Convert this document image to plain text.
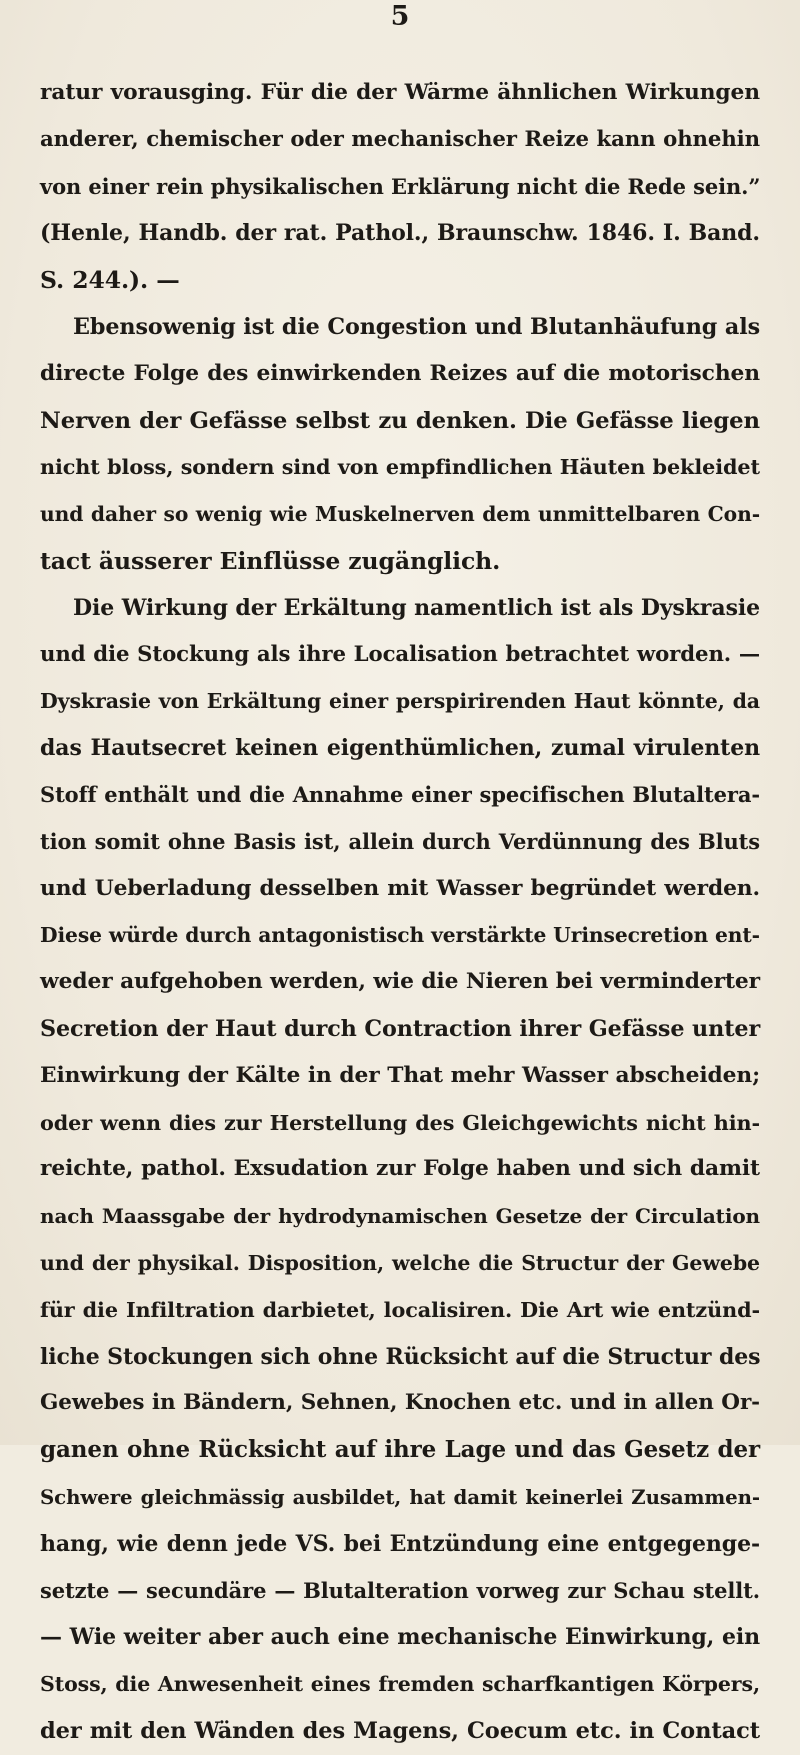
5
ratur vorausging. Für die der Wärme ähnlichen Wirkungen
anderer, chemischer oder mechanischer Reize kann ohnehin
von einer rein physikalischen Erklärung nicht die Rede sein.”
(Henle, Handb. der rat. Pathol., Braunschw. 1846. I. Band.
S. 244.). —
Ebensowenig ist die Congestion und Blutanhäufung als
directe Folge des einwirkenden Reizes auf die motorischen
Nerven der Gefässe selbst zu denken. Die Gefässe liegen
nicht bloss, sondern sind von empfindlichen Häuten bekleidet
und daher so wenig wie Muskelnerven dem unmittelbaren Con-
tact äusserer Einflüsse zugänglich.
Die Wirkung der Erkältung namentlich ist als Dyskrasie
und die Stockung als ihre Localisation betrachtet worden. —
Dyskrasie von Erkältung einer perspirirenden Haut könnte, da
das Hautsecret keinen eigenthümlichen, zumal virulenten
Stoff enthält und die Annahme einer specifischen Blutaltera-
tion somit ohne Basis ist, allein durch Verdünnung des Bluts
und Ueberladung desselben mit Wasser begründet werden.
Diese würde durch antagonistisch verstärkte Urinsecretion ent-
weder aufgehoben werden, wie die Nieren bei verminderter
Secretion der Haut durch Contraction ihrer Gefässe unter
Einwirkung der Kälte in der That mehr Wasser abscheiden;
oder wenn dies zur Herstellung des Gleichgewichts nicht hin-
reichte, pathol. Exsudation zur Folge haben und sich damit
nach Maassgabe der hydrodynamischen Gesetze der Circulation
und der physikal. Disposition, welche die Structur der Gewebe
für die Infiltration darbietet, localisiren. Die Art wie entzünd-
liche Stockungen sich ohne Rücksicht auf die Structur des
Gewebes in Bändern, Sehnen, Knochen etc. und in allen Or-
ganen ohne Rücksicht auf ihre Lage und das Gesetz der
Schwere gleichmässig ausbildet, hat damit keinerlei Zusammen-
hang, wie denn jede VS. bei Entzündung eine entgegenge-
setzte — secundäre — Blutalteration vorweg zur Schau stellt.
— Wie weiter aber auch eine mechanische Einwirkung, ein
Stoss, die Anwesenheit eines fremden scharfkantigen Körpers,
der mit den Wänden des Magens, Coecum etc. in Contact
